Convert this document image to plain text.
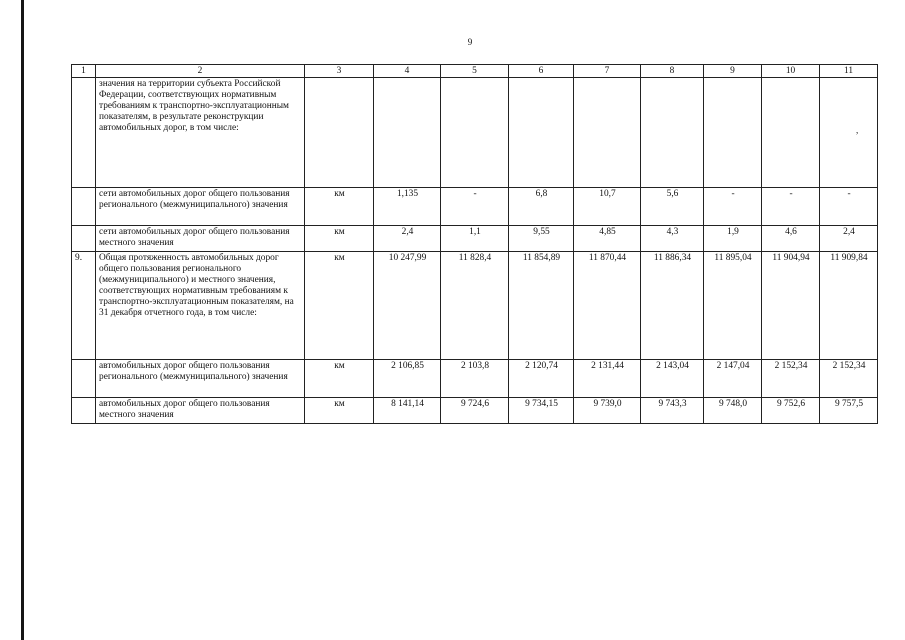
9
,
1	2	3	4	5	6	7	8	9	10	11
	значения на территории субъекта Российской Федерации, соответствующих нормативным требованиям к транспортно-эксплуатационным показателям, в результате реконструкции автомобильных дорог, в том числе:									
	сети автомобильных дорог общего пользования регионального (межмуниципального) значения	км	1,135	-	6,8	10,7	5,6	-	-	-
	сети автомобильных дорог общего пользования местного значения	км	2,4	1,1	9,55	4,85	4,3	1,9	4,6	2,4
9.	Общая протяженность автомобильных дорог общего пользования регионального (межмуниципального) и местного значения, соответствующих нормативным требованиям к транспортно-эксплуатационным показателям, на 31 декабря отчетного года, в том числе:	км	10 247,99	11 828,4	11 854,89	11 870,44	11 886,34	11 895,04	11 904,94	11 909,84
	автомобильных дорог общего пользования регионального (межмуниципального) значения	км	2 106,85	2 103,8	2 120,74	2 131,44	2 143,04	2 147,04	2 152,34	2 152,34
	автомобильных дорог общего пользования местного значения	км	8 141,14	9 724,6	9 734,15	9 739,0	9 743,3	9 748,0	9 752,6	9 757,5
